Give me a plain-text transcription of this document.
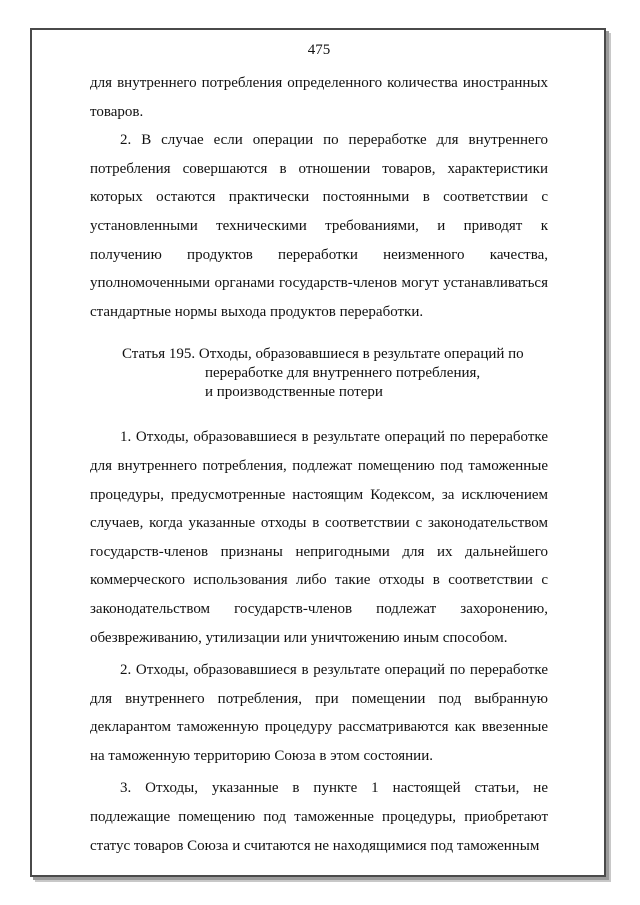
475

для внутреннего потребления определенного количества иностранных товаров.

2. В случае если операции по переработке для внутреннего потребления совершаются в отношении товаров, характеристики которых остаются практически постоянными в соответствии с установленными техническими требованиями, и приводят к получению продуктов переработки неизменного качества, уполномоченными органами государств-членов могут устанавливаться стандартные нормы выхода продуктов переработки.

Статья 195. Отходы, образовавшиеся в результате операций по
переработке для внутреннего потребления,
и производственные потери

1. Отходы, образовавшиеся в результате операций по переработке для внутреннего потребления, подлежат помещению под таможенные процедуры, предусмотренные настоящим Кодексом, за исключением случаев, когда указанные отходы в соответствии с законодательством государств-членов признаны непригодными для их дальнейшего коммерческого использования либо такие отходы в соответствии с законодательством государств-членов подлежат захоронению, обезвреживанию, утилизации или уничтожению иным способом.

2. Отходы, образовавшиеся в результате операций по переработке для внутреннего потребления, при помещении под выбранную декларантом таможенную процедуру рассматриваются как ввезенные на таможенную территорию Союза в этом состоянии.

3. Отходы, указанные в пункте 1 настоящей статьи, не подлежащие помещению под таможенные процедуры, приобретают статус товаров Союза и считаются не находящимися под таможенным
